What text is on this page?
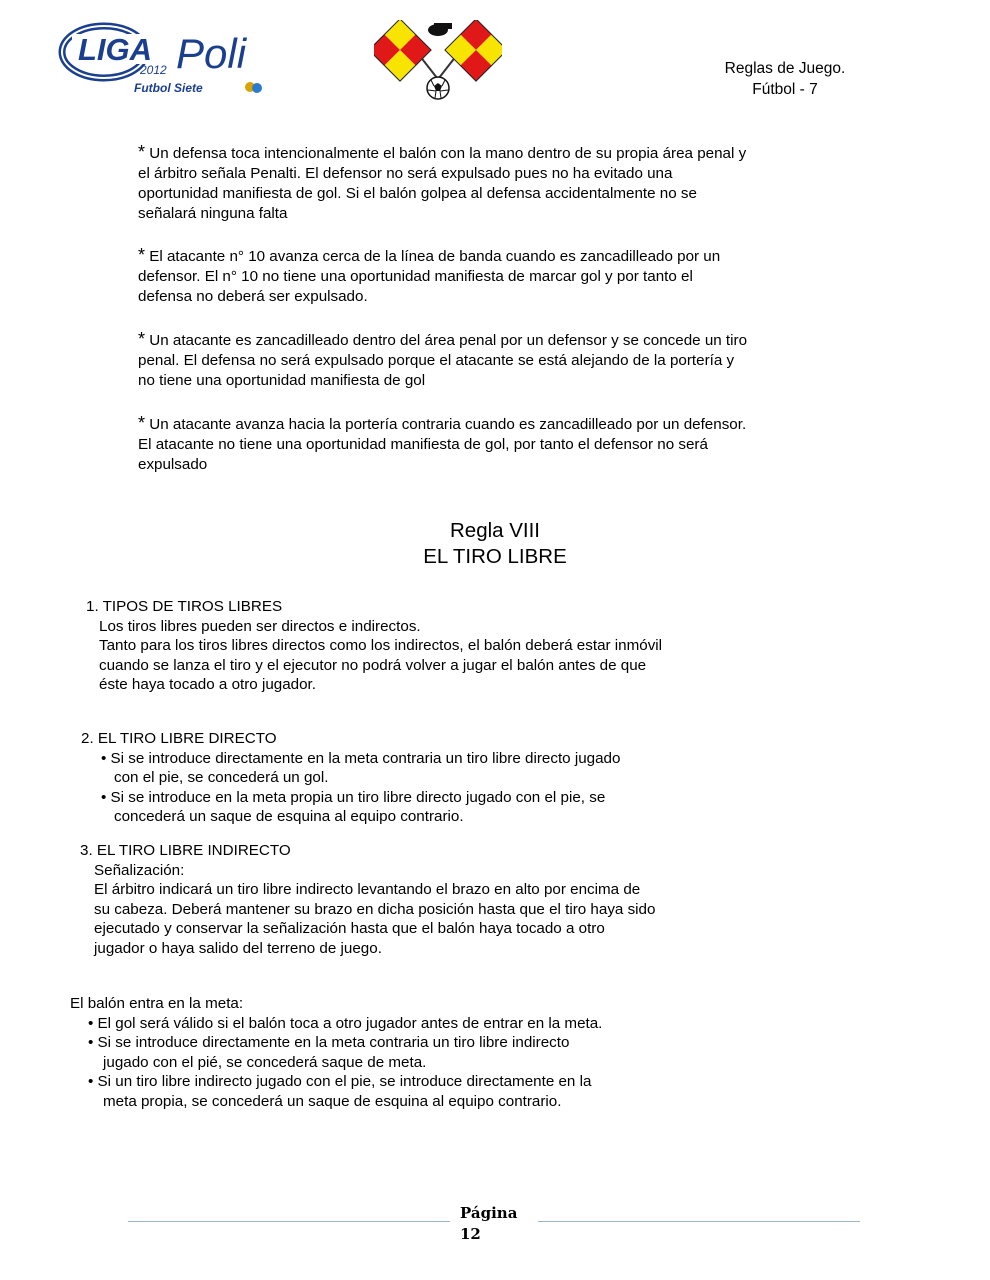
LIGA Poli
2012
Futbol Siete
Reglas de Juego.
Fútbol - 7
* Un defensa toca intencionalmente el balón con la mano dentro de su propia área penal y
el árbitro señala Penalti. El defensor no será expulsado pues no ha evitado una
oportunidad manifiesta de gol. Si el balón golpea al defensa accidentalmente no se
señalará ninguna falta
* El atacante n° 10 avanza cerca de la línea de banda cuando es zancadilleado por un
defensor. El n° 10 no tiene una oportunidad manifiesta de marcar gol y por tanto el
defensa no deberá ser expulsado.
* Un atacante es zancadilleado dentro del área penal por un defensor y se concede un tiro
penal. El defensa no será expulsado porque el atacante se está alejando de la portería y
no tiene una oportunidad manifiesta de gol
* Un atacante avanza hacia la portería contraria cuando es zancadilleado por un defensor.
El atacante no tiene una oportunidad manifiesta de gol, por tanto el defensor no será
expulsado
Regla VIII
EL TIRO LIBRE
1. TIPOS DE TIROS LIBRES
Los tiros libres pueden ser directos e indirectos.
Tanto para los tiros libres directos como los indirectos, el balón deberá estar inmóvil
cuando se lanza el tiro y el ejecutor no podrá volver a jugar el balón antes de que
éste haya tocado a otro jugador.
2. EL TIRO LIBRE DIRECTO
• Si se introduce directamente en la meta contraria un tiro libre directo jugado
con el pie, se concederá un gol.
• Si se introduce en la meta propia un tiro libre directo jugado con el pie, se
concederá un saque de esquina al equipo contrario.
3. EL TIRO LIBRE INDIRECTO
Señalización:
El árbitro indicará un tiro libre indirecto levantando el brazo en alto por encima de
su cabeza. Deberá mantener su brazo en dicha posición hasta que el tiro haya sido
ejecutado y conservar la señalización hasta que el balón haya tocado a otro
jugador o haya salido del terreno de juego.
El balón entra en la meta:
• El gol será válido si el balón toca a otro jugador antes de entrar en la meta.
• Si se introduce directamente en la meta contraria un tiro libre indirecto
jugado con el pié, se concederá saque de meta.
• Si un tiro libre indirecto jugado con el pie, se introduce directamente en la
meta propia, se concederá un saque de esquina al equipo contrario.
Página
12
